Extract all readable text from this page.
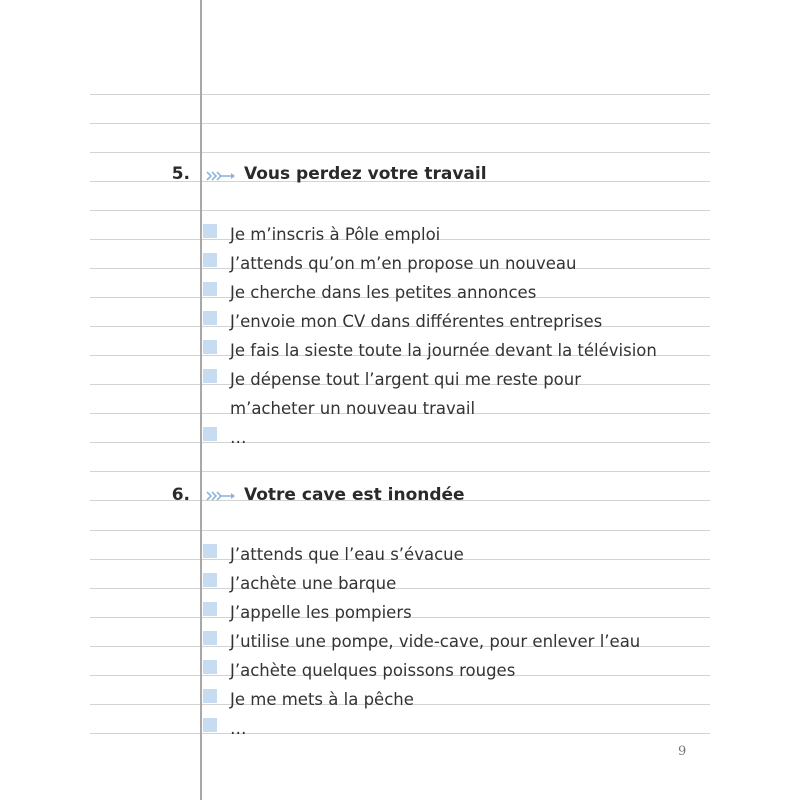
5.	Vous perdez votre travail
Je m’inscris à Pôle emploi
J’attends qu’on m’en propose un nouveau
Je cherche dans les petites annonces
J’envoie mon CV dans différentes entreprises
Je fais la sieste toute la journée devant la télévision
Je dépense tout l’argent qui me reste pour
m’acheter un nouveau travail
…
6.	Votre cave est inondée
J’attends que l’eau s’évacue
J’achète une barque
J’appelle les pompiers
J’utilise une pompe, vide-cave, pour enlever l’eau
J’achète quelques poissons rouges
Je me mets à la pêche
…
9
